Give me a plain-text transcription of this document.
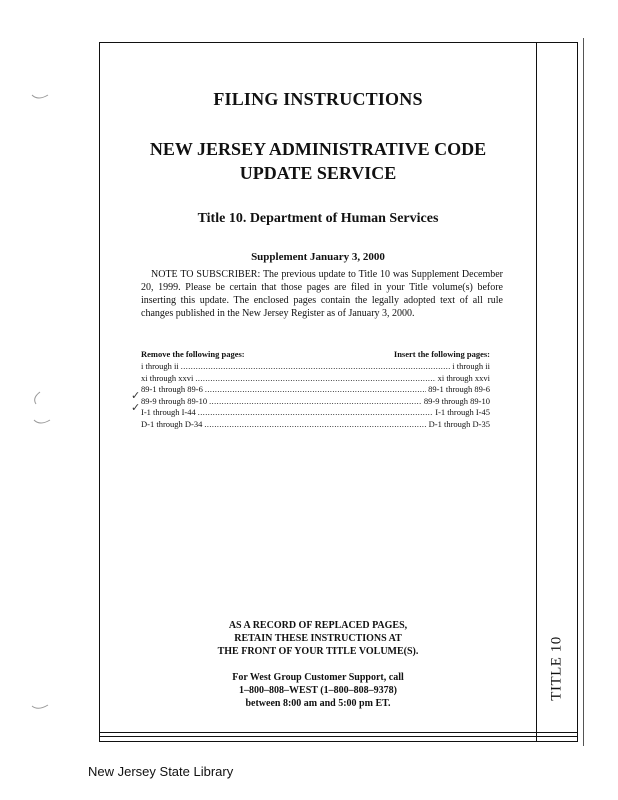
FILING INSTRUCTIONS
NEW JERSEY ADMINISTRATIVE CODE
UPDATE SERVICE
Title 10. Department of Human Services
Supplement January 3, 2000
NOTE TO SUBSCRIBER: The previous update to Title 10 was Supplement December 20, 1999. Please be certain that those pages are filed in your Title volume(s) before inserting this update. The enclosed pages contain the legally adopted text of all rule changes published in the New Jersey Register as of January 3, 2000.
Remove the following pages:	Insert the following pages:
i through ii .....	i through ii
xi through xxvi .....	xi through xxvi
89-1 through 89-6 .....	89-1 through 89-6
89-9 through 89-10 .....	89-9 through 89-10
I-1 through I-44 .....	I-1 through I-45
D-1 through D-34 .....	D-1 through D-35
AS A RECORD OF REPLACED PAGES,
RETAIN THESE INSTRUCTIONS AT
THE FRONT OF YOUR TITLE VOLUME(S).
For West Group Customer Support, call
1–800–808–WEST (1–800–808–9378)
between 8:00 am and 5:00 pm ET.
TITLE 10
✓
✓
New Jersey State Library
